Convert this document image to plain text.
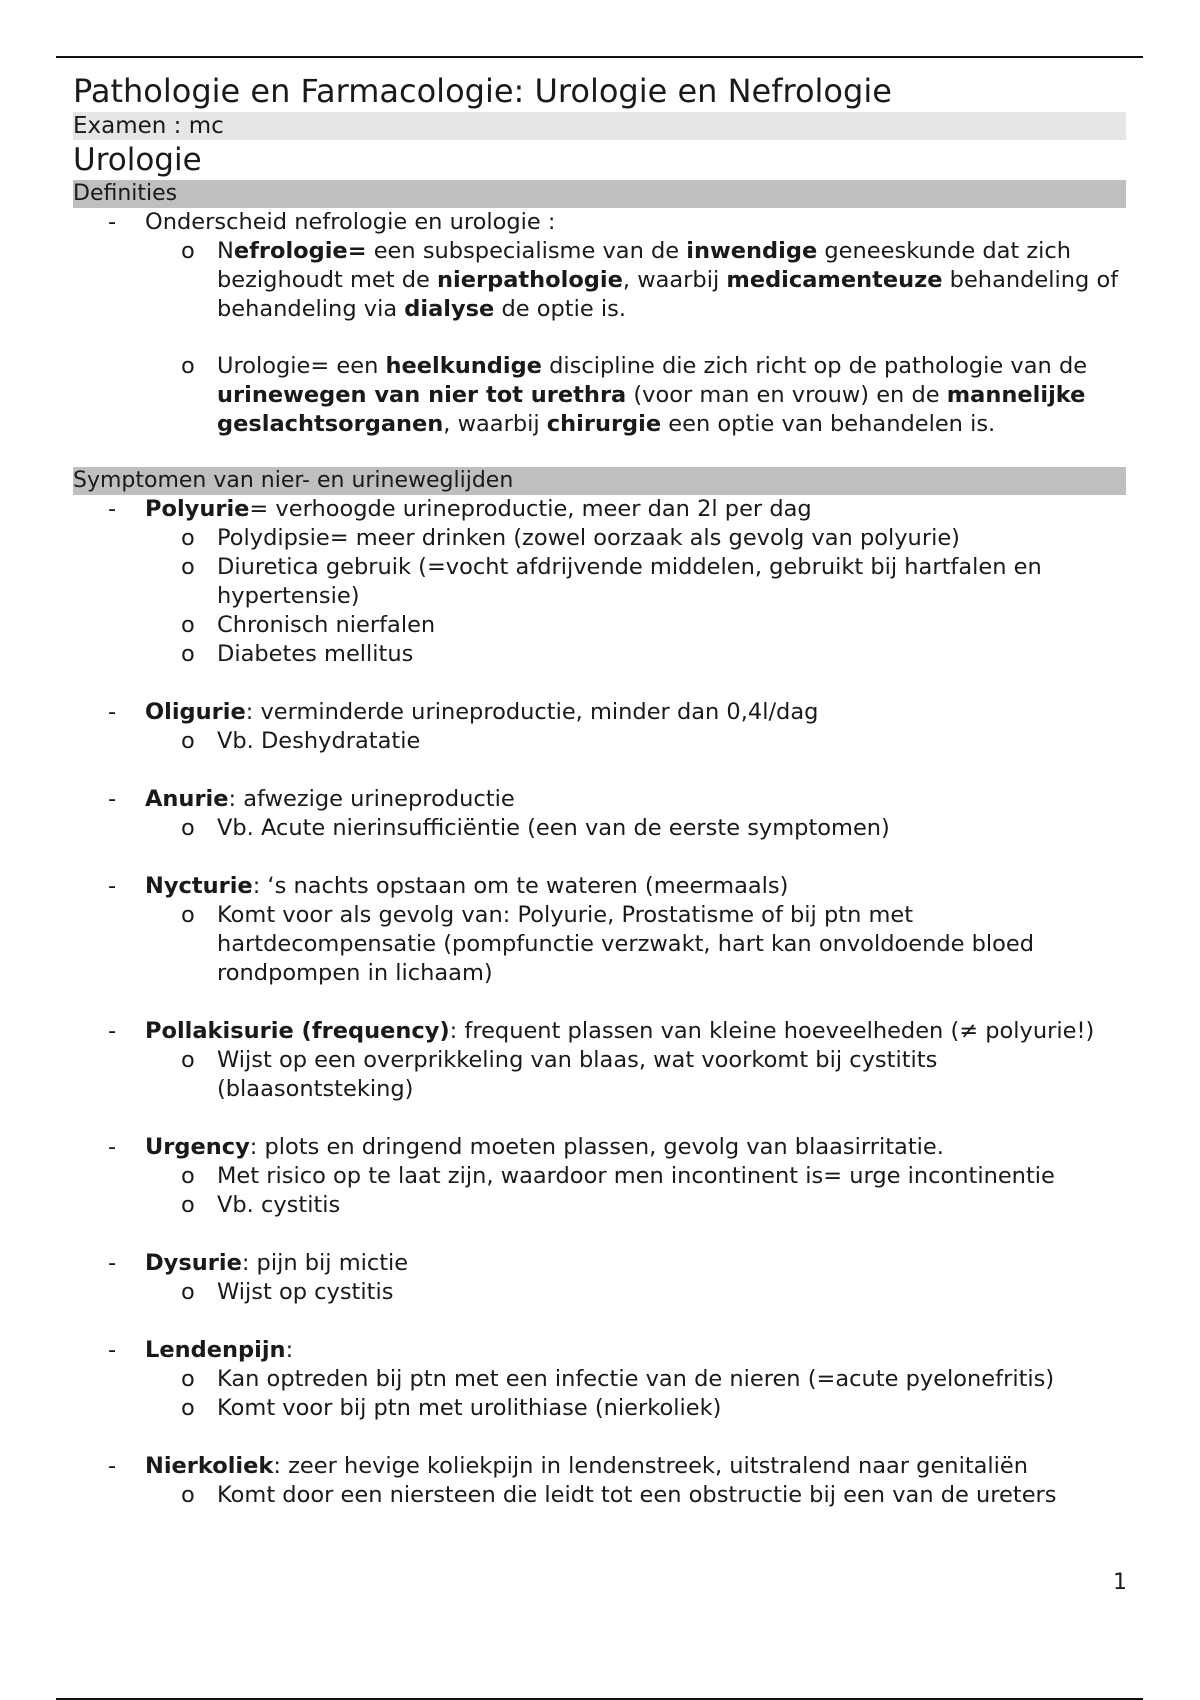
Pathologie en Farmacologie: Urologie en Nefrologie
Examen : mc
Urologie
Definities
- Onderscheid nefrologie en urologie :
o Nefrologie= een subspecialisme van de inwendige geneeskunde dat zich bezighoudt met de nierpathologie, waarbij medicamenteuze behandeling of behandeling via dialyse de optie is.
o Urologie= een heelkundige discipline die zich richt op de pathologie van de urinewegen van nier tot urethra (voor man en vrouw) en de mannelijke geslachtsorganen, waarbij chirurgie een optie van behandelen is.
Symptomen van nier- en urineweglijden
- Polyurie= verhoogde urineproductie, meer dan 2l per dag
o Polydipsie= meer drinken (zowel oorzaak als gevolg van polyurie)
o Diuretica gebruik (=vocht afdrijvende middelen, gebruikt bij hartfalen en hypertensie)
o Chronisch nierfalen
o Diabetes mellitus
- Oligurie: verminderde urineproductie, minder dan 0,4l/dag
o Vb. Deshydratatie
- Anurie: afwezige urineproductie
o Vb. Acute nierinsufficiëntie (een van de eerste symptomen)
- Nycturie: ‘s nachts opstaan om te wateren (meermaals)
o Komt voor als gevolg van: Polyurie, Prostatisme of bij ptn met hartdecompensatie (pompfunctie verzwakt, hart kan onvoldoende bloed rondpompen in lichaam)
- Pollakisurie (frequency): frequent plassen van kleine hoeveelheden (≠ polyurie!)
o Wijst op een overprikkeling van blaas, wat voorkomt bij cystitits (blaasontsteking)
- Urgency: plots en dringend moeten plassen, gevolg van blaasirritatie.
o Met risico op te laat zijn, waardoor men incontinent is= urge incontinentie
o Vb. cystitis
- Dysurie: pijn bij mictie
o Wijst op cystitis
- Lendenpijn:
o Kan optreden bij ptn met een infectie van de nieren (=acute pyelonefritis)
o Komt voor bij ptn met urolithiase (nierkoliek)
- Nierkoliek: zeer hevige koliekpijn in lendenstreek, uitstralend naar genitaliën
o Komt door een niersteen die leidt tot een obstructie bij een van de ureters
1
